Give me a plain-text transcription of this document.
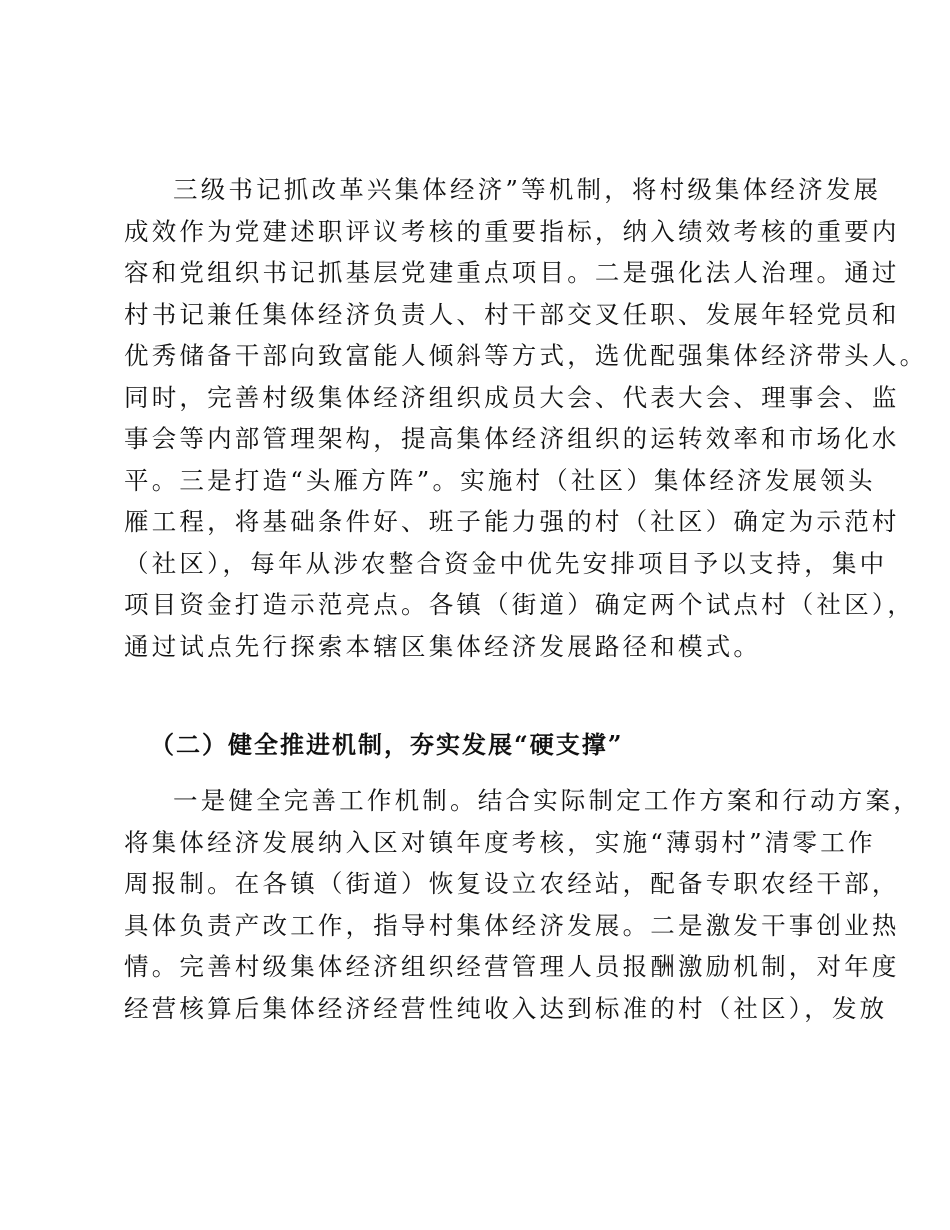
三级书记抓改革兴集体经济”等机制，将村级集体经济发展
成效作为党建述职评议考核的重要指标，纳入绩效考核的重要内
容和党组织书记抓基层党建重点项目。二是强化法人治理。通过
村书记兼任集体经济负责人、村干部交叉任职、发展年轻党员和
优秀储备干部向致富能人倾斜等方式，选优配强集体经济带头人。
同时，完善村级集体经济组织成员大会、代表大会、理事会、监
事会等内部管理架构，提高集体经济组织的运转效率和市场化水
平。三是打造“头雁方阵”。实施村（社区）集体经济发展领头
雁工程，将基础条件好、班子能力强的村（社区）确定为示范村
（社区），每年从涉农整合资金中优先安排项目予以支持，集中
项目资金打造示范亮点。各镇（街道）确定两个试点村（社区），
通过试点先行探索本辖区集体经济发展路径和模式。
（二）健全推进机制，夯实发展“硬支撑”
一是健全完善工作机制。结合实际制定工作方案和行动方案，
将集体经济发展纳入区对镇年度考核，实施“薄弱村”清零工作
周报制。在各镇（街道）恢复设立农经站，配备专职农经干部，
具体负责产改工作，指导村集体经济发展。二是激发干事创业热
情。完善村级集体经济组织经营管理人员报酬激励机制，对年度
经营核算后集体经济经营性纯收入达到标准的村（社区），发放
